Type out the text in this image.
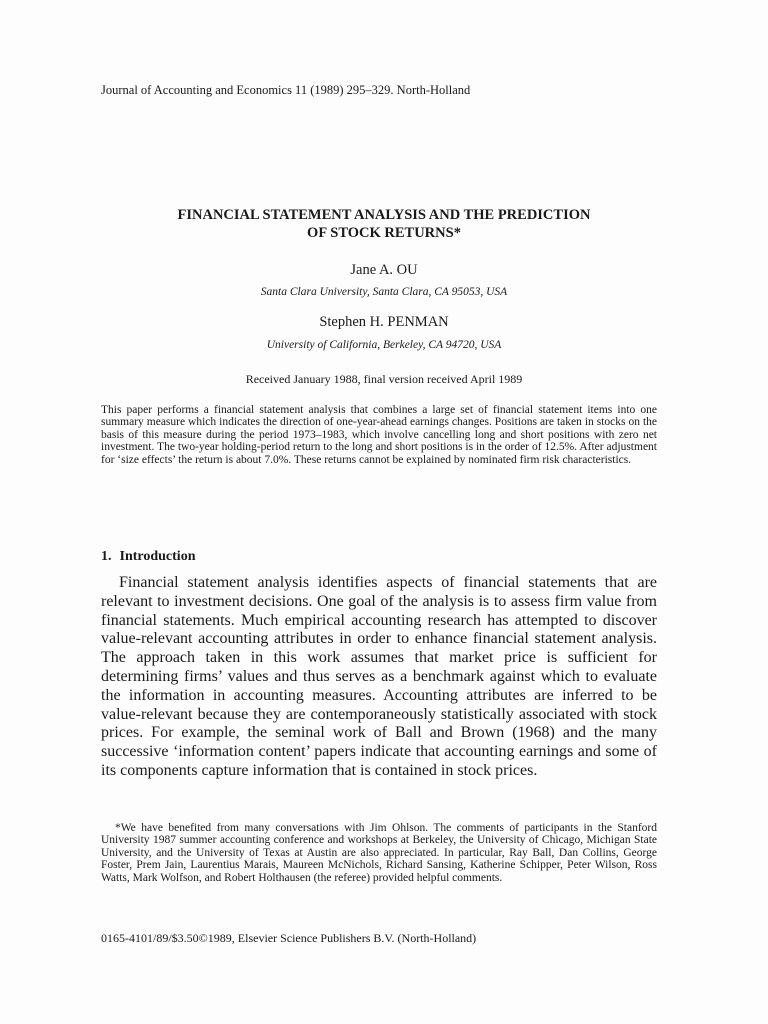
Journal of Accounting and Economics 11 (1989) 295–329. North-Holland
FINANCIAL STATEMENT ANALYSIS AND THE PREDICTION
OF STOCK RETURNS*
Jane A. OU
Santa Clara University, Santa Clara, CA 95053, USA
Stephen H. PENMAN
University of California, Berkeley, CA 94720, USA
Received January 1988, final version received April 1989

This paper performs a financial statement analysis that combines a large set of financial statement items into one summary measure which indicates the direction of one-year-ahead earnings changes. Positions are taken in stocks on the basis of this measure during the period 1973–1983, which involve cancelling long and short positions with zero net investment. The two-year holding-period return to the long and short positions is in the order of 12.5%. After adjustment for ‘size effects’ the return is about 7.0%. These returns cannot be explained by nominated firm risk characteristics.

1. Introduction

Financial statement analysis identifies aspects of financial statements that are relevant to investment decisions. One goal of the analysis is to assess firm value from financial statements. Much empirical accounting research has attempted to discover value-relevant accounting attributes in order to enhance financial statement analysis. The approach taken in this work assumes that market price is sufficient for determining firms’ values and thus serves as a benchmark against which to evaluate the information in accounting measures. Accounting attributes are inferred to be value-relevant because they are contemporaneously statistically associated with stock prices. For example, the seminal work of Ball and Brown (1968) and the many successive ‘information content’ papers indicate that accounting earnings and some of its components capture information that is contained in stock prices.

*We have benefited from many conversations with Jim Ohlson. The comments of participants in the Stanford University 1987 summer accounting conference and workshops at Berkeley, the University of Chicago, Michigan State University, and the University of Texas at Austin are also appreciated. In particular, Ray Ball, Dan Collins, George Foster, Prem Jain, Laurentius Marais, Maureen McNichols, Richard Sansing, Katherine Schipper, Peter Wilson, Ross Watts, Mark Wolfson, and Robert Holthausen (the referee) provided helpful comments.

0165-4101/89/$3.50©1989, Elsevier Science Publishers B.V. (North-Holland)
